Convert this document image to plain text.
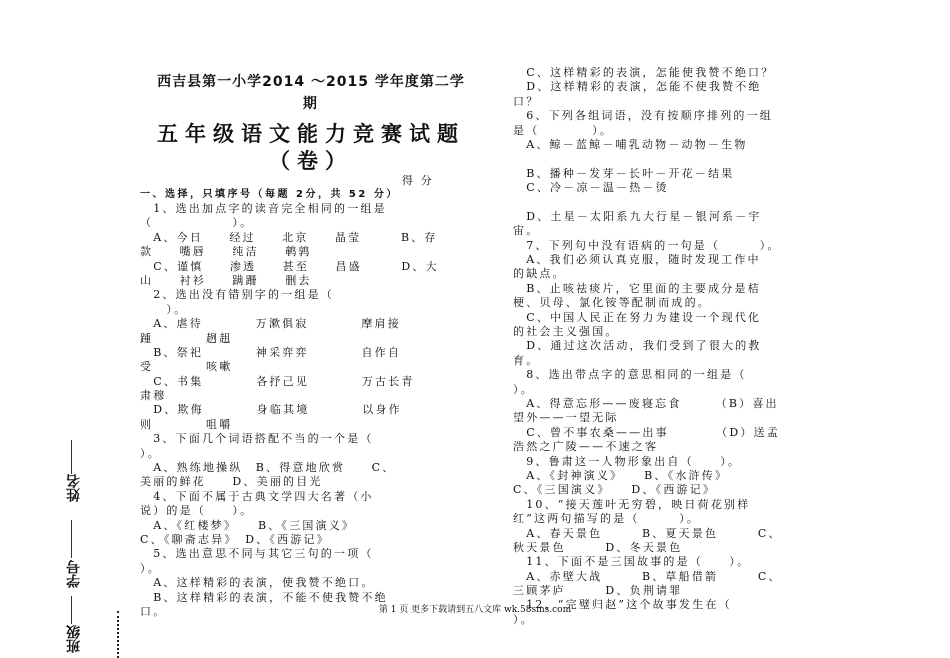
西吉县第一小学2014 ～2015 学年度第二学
期
五年级语文能力竞赛试题
（卷）
得 分
一、选择，只填序号（每题 2分，共 52 分）
　1、选出加点字的读音完全相同的一组是
（　　　　　　）。
　A、今日　　经过　　北京　　晶莹　　　B、存
款　　嘴唇　　纯洁　　鹌鹑
　C、谨慎　　渗透　　甚至　　昌盛　　　D、大
山　　衬衫　　蹒跚　　删去
　2、选出没有错别字的一组是（
　　）。
　A、虐待　　　　万漱俱寂　　　　摩肩接
踵　　　　趔趄
　B、祭祀　　　　神采弈弈　　　　自作自
受　　　　咳嗽
　C、书集　　　　各抒己见　　　　万古长青
肃穆
　D、欺侮　　　　身临其境　　　　以身作
则　　　　咀嚼
　3、下面几个词语搭配不当的一个是（
）。
　A、熟练地操纵　B、得意地欣赏　　C、
美丽的鲜花　　D、美丽的目光
　4、下面不属于古典文学四大名著（小
说）的是（　　）。
　A、《红楼梦》　　B、《三国演义》
C、《聊斋志异》　D、《西游记》
　5、选出意思不同与其它三句的一项（
）。
　A、这样精彩的表演，使我赞不绝口。
　B、这样精彩的表演，不能不使我赞不绝
口。
　C、这样精彩的表演，怎能使我赞不绝口？
　D、这样精彩的表演，怎能不使我赞不绝
口？
　6、下列各组词语，没有按顺序排列的一组
是（　　　　）。
　A、鲸－蓝鲸－哺乳动物－动物－生物
　B、播种－发芽－长叶－开花－结果
　C、冷－凉－温－热－烫
　D、土星－太阳系九大行星－银河系－宇
宙。
　7、下列句中没有语病的一句是（　　　）。
　A、我们必须认真克服，随时发现工作中
的缺点。
　B、止咳祛痰片，它里面的主要成分是桔
梗、贝母、氯化铵等配制而成的。
　C、中国人民正在努力为建设一个现代化
的社会主义强国。
　D、通过这次活动，我们受到了很大的教
育。
　8、选出带点字的意思相同的一组是（
）。
　A、得意忘形——废寝忘食　　　（B）喜出
望外——一望无际
　C、曾不事农桑——出事　　　　（D）送孟
浩然之广陵——不速之客
　9、鲁肃这一人物形象出自（　　）。
　A、《封神演义》　　B、《水浒传》
C、《三国演义》　　D、《西游记》
　10、“接天莲叶无穷碧，映日荷花别样
红”这两句描写的是（　　　）。
　A、春天景色　　　B、夏天景色　　　C、
秋天景色　　　D、冬天景色
　11、下面不是三国故事的是（　　）。
　A、赤壁大战　　　B、草船借箭　　　C、
三顾茅庐　　　D、负荆请罪
　12、“完璧归赵”这个故事发生在（
）。
姓名
学号
班级
第 1 页 更多下载请到五八文库 wk.58sms.com
